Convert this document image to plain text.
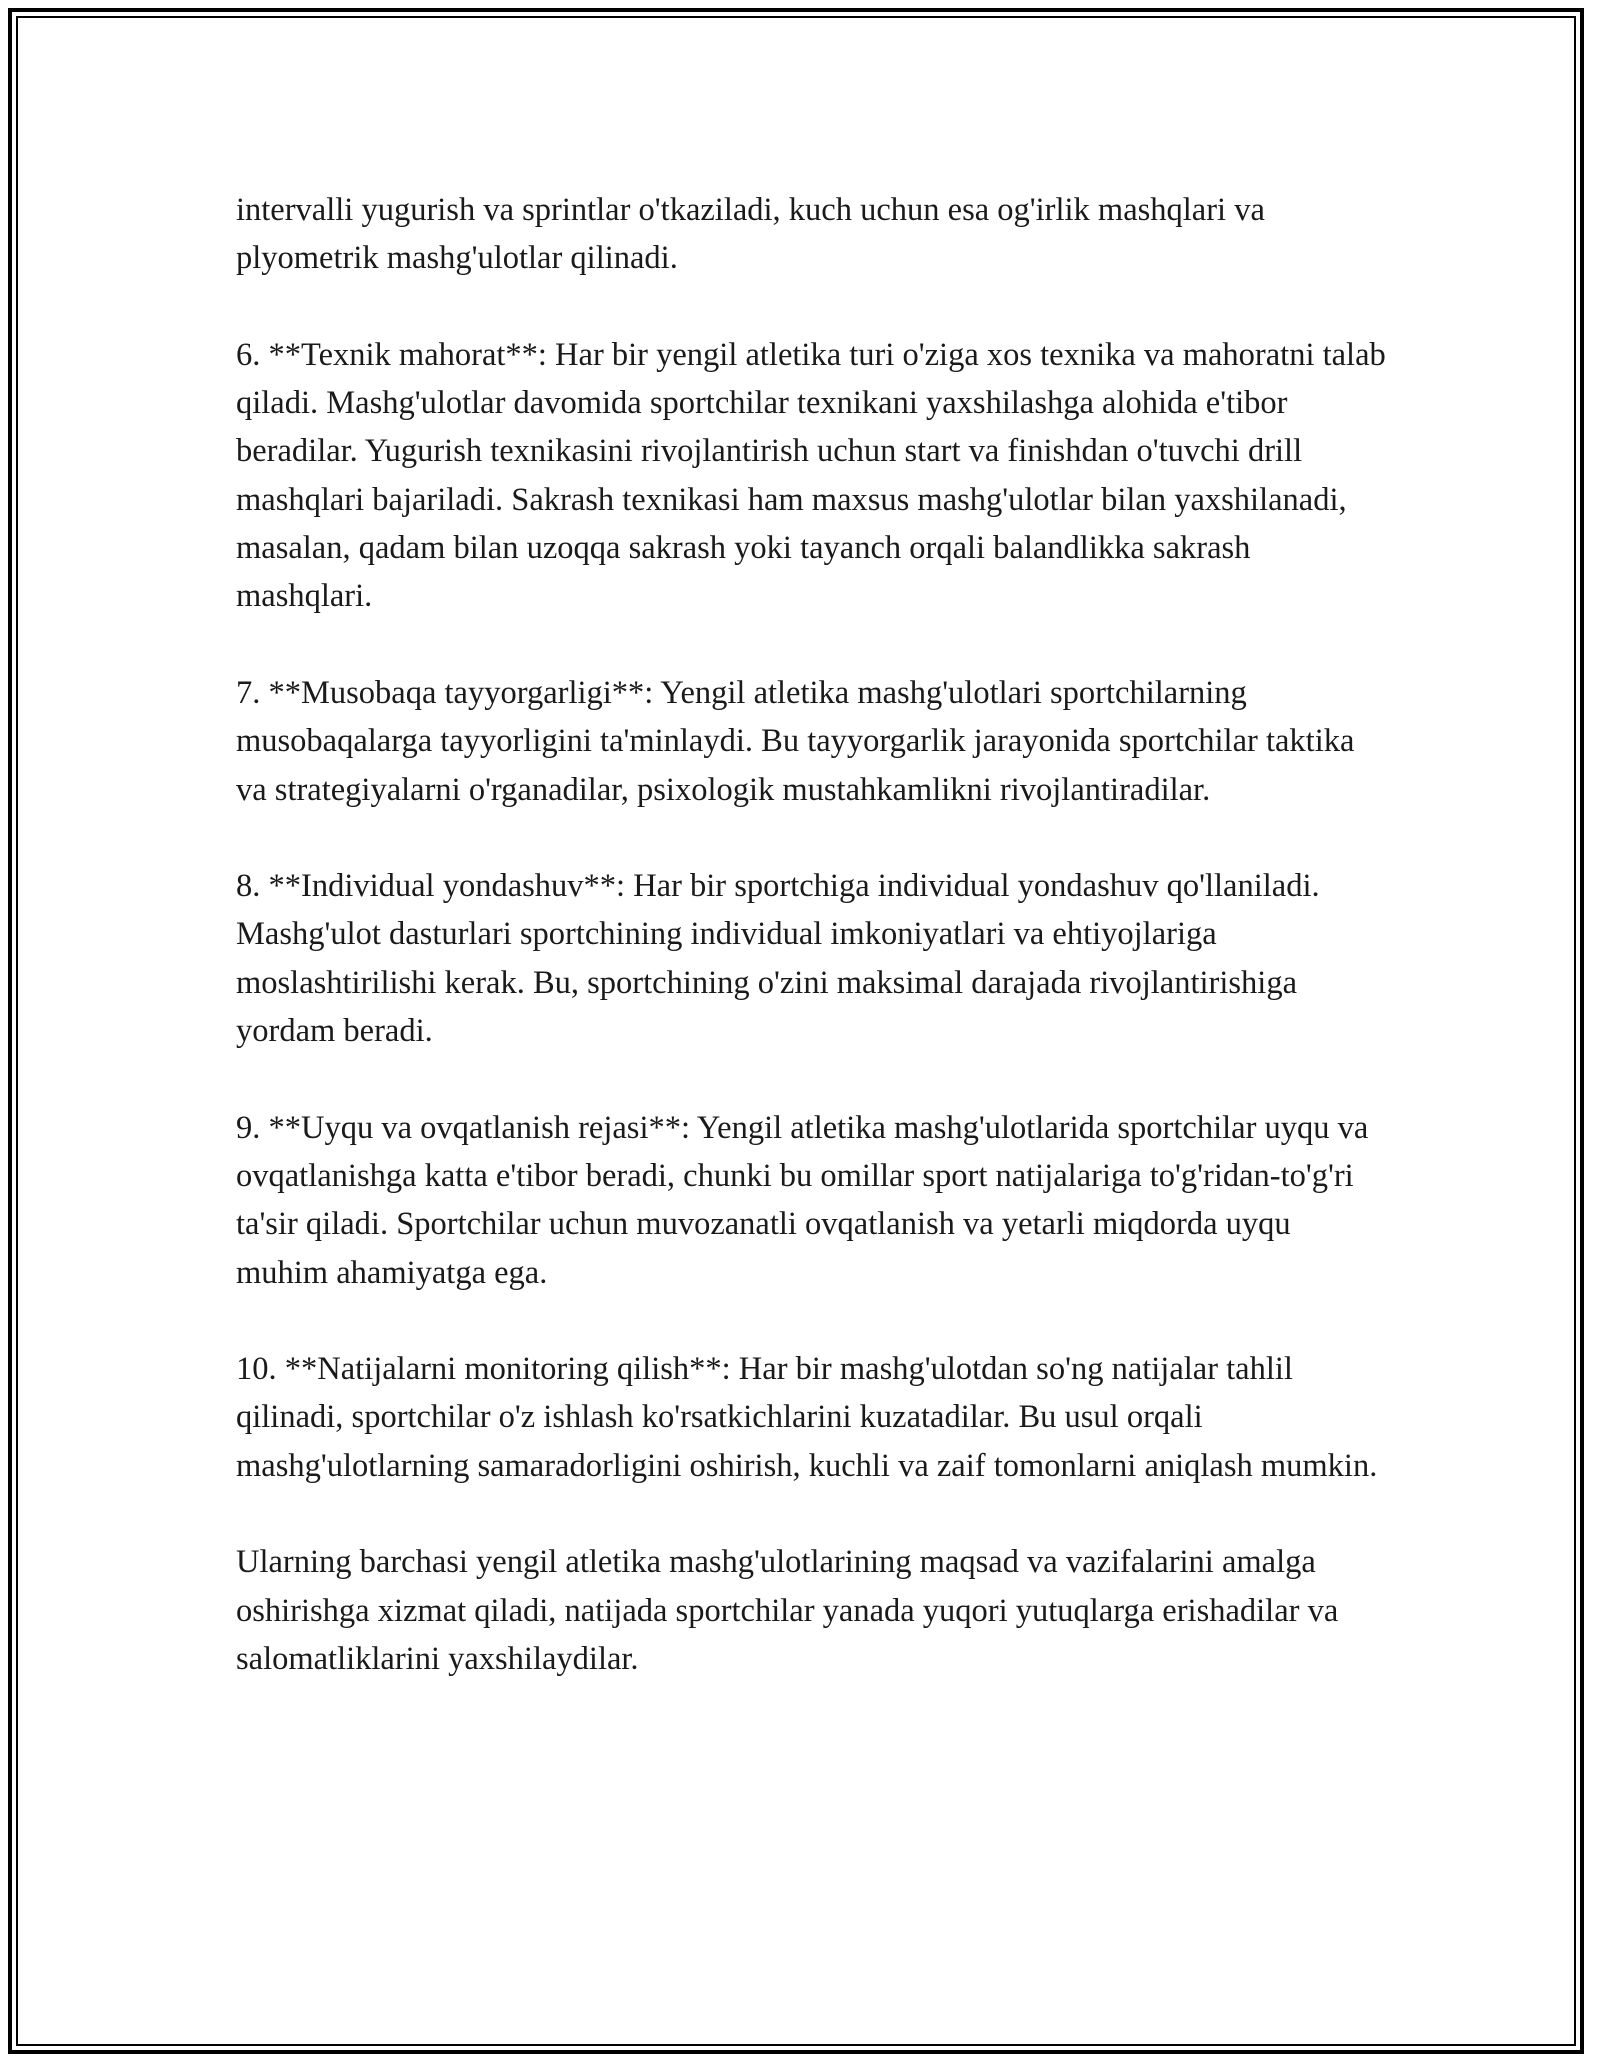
intervalli yugurish va sprintlar o'tkaziladi, kuch uchun esa og'irlik mashqlari va plyometrik mashg'ulotlar qilinadi.

6. **Texnik mahorat**: Har bir yengil atletika turi o'ziga xos texnika va mahoratni talab qiladi. Mashg'ulotlar davomida sportchilar texnikani yaxshilashga alohida e'tibor beradilar. Yugurish texnikasini rivojlantirish uchun start va finishdan o'tuvchi drill mashqlari bajariladi. Sakrash texnikasi ham maxsus mashg'ulotlar bilan yaxshilanadi, masalan, qadam bilan uzoqqa sakrash yoki tayanch orqali balandlikka sakrash mashqlari.

7. **Musobaqa tayyorgarligi**: Yengil atletika mashg'ulotlari sportchilarning musobaqalarga tayyorligini ta'minlaydi. Bu tayyorgarlik jarayonida sportchilar taktika va strategiyalarni o'rganadilar, psixologik mustahkamlikni rivojlantiradilar.

8. **Individual yondashuv**: Har bir sportchiga individual yondashuv qo'llaniladi. Mashg'ulot dasturlari sportchining individual imkoniyatlari va ehtiyojlariga moslashtirilishi kerak. Bu, sportchining o'zini maksimal darajada rivojlantirishiga yordam beradi.

9. **Uyqu va ovqatlanish rejasi**: Yengil atletika mashg'ulotlarida sportchilar uyqu va ovqatlanishga katta e'tibor beradi, chunki bu omillar sport natijalariga to'g'ridan-to'g'ri ta'sir qiladi. Sportchilar uchun muvozanatli ovqatlanish va yetarli miqdorda uyqu muhim ahamiyatga ega.

10. **Natijalarni monitoring qilish**: Har bir mashg'ulotdan so'ng natijalar tahlil qilinadi, sportchilar o'z ishlash ko'rsatkichlarini kuzatadilar. Bu usul orqali mashg'ulotlarning samaradorligini oshirish, kuchli va zaif tomonlarni aniqlash mumkin.

Ularning barchasi yengil atletika mashg'ulotlarining maqsad va vazifalarini amalga oshirishga xizmat qiladi, natijada sportchilar yanada yuqori yutuqlarga erishadilar va salomatliklarini yaxshilaydilar.
